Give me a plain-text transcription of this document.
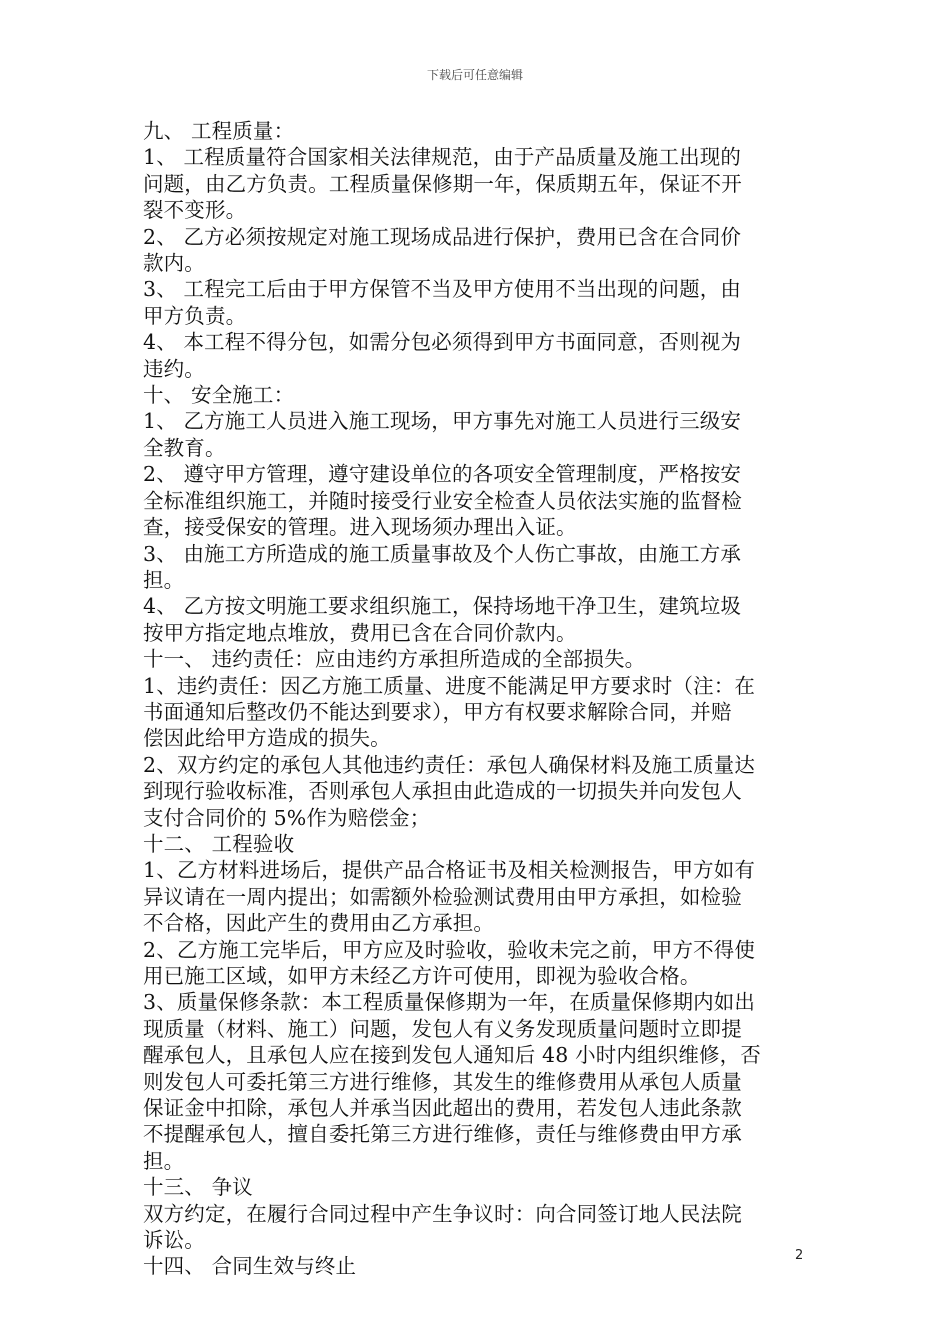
下载后可任意编辑
九、 工程质量：
1、 工程质量符合国家相关法律规范，由于产品质量及施工出现的
问题，由乙方负责。工程质量保修期一年，保质期五年，保证不开
裂不变形。
2、 乙方必须按规定对施工现场成品进行保护，费用已含在合同价
款内。
3、 工程完工后由于甲方保管不当及甲方使用不当出现的问题，由
甲方负责。
4、 本工程不得分包，如需分包必须得到甲方书面同意，否则视为
违约。
十、 安全施工：
1、 乙方施工人员进入施工现场，甲方事先对施工人员进行三级安
全教育。
2、 遵守甲方管理，遵守建设单位的各项安全管理制度，严格按安
全标准组织施工，并随时接受行业安全检查人员依法实施的监督检
查，接受保安的管理。进入现场须办理出入证。
3、 由施工方所造成的施工质量事故及个人伤亡事故，由施工方承
担。
4、 乙方按文明施工要求组织施工，保持场地干净卫生，建筑垃圾
按甲方指定地点堆放，费用已含在合同价款内。
十一、 违约责任：应由违约方承担所造成的全部损失。
1、违约责任：因乙方施工质量、进度不能满足甲方要求时（注：在
书面通知后整改仍不能达到要求），甲方有权要求解除合同，并赔
偿因此给甲方造成的损失。
2、双方约定的承包人其他违约责任：承包人确保材料及施工质量达
到现行验收标准，否则承包人承担由此造成的一切损失并向发包人
支付合同价的 5%作为赔偿金；
十二、 工程验收
1、乙方材料进场后，提供产品合格证书及相关检测报告，甲方如有
异议请在一周内提出；如需额外检验测试费用由甲方承担，如检验
不合格，因此产生的费用由乙方承担。
2、乙方施工完毕后，甲方应及时验收，验收未完之前，甲方不得使
用已施工区域，如甲方未经乙方许可使用，即视为验收合格。
3、质量保修条款：本工程质量保修期为一年，在质量保修期内如出
现质量（材料、施工）问题，发包人有义务发现质量问题时立即提
醒承包人，且承包人应在接到发包人通知后 48 小时内组织维修，否
则发包人可委托第三方进行维修，其发生的维修费用从承包人质量
保证金中扣除，承包人并承当因此超出的费用，若发包人违此条款
不提醒承包人，擅自委托第三方进行维修，责任与维修费由甲方承
担。
十三、 争议
双方约定，在履行合同过程中产生争议时：向合同签订地人民法院
诉讼。
十四、 合同生效与终止	2
